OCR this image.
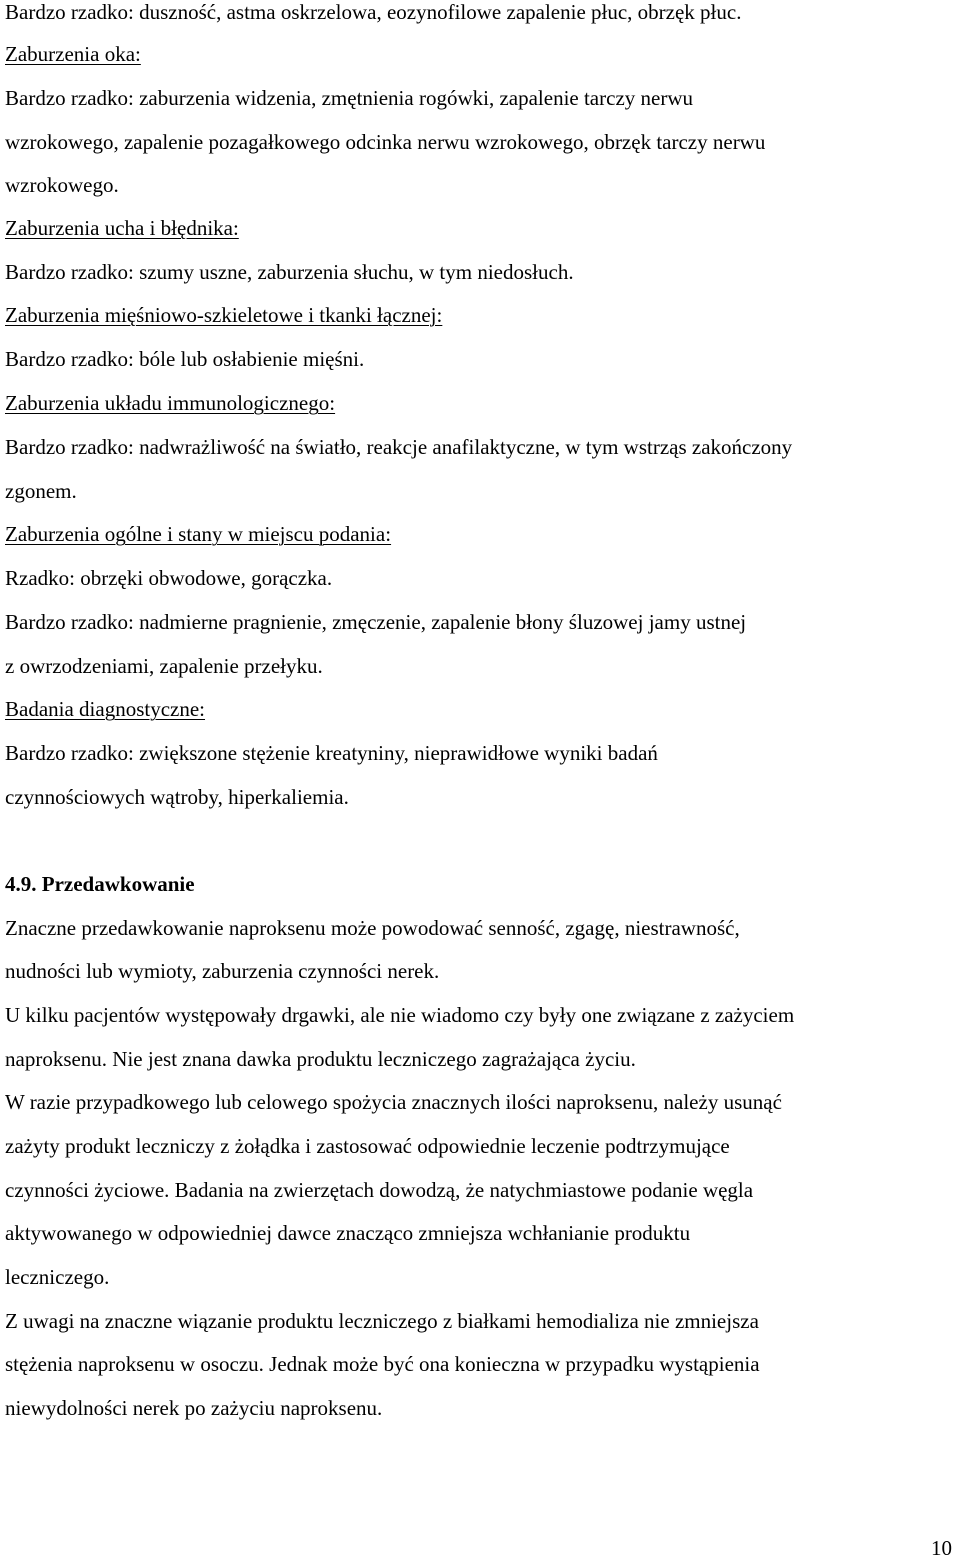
Bardzo rzadko: duszność, astma oskrzelowa, eozynofilowe zapalenie płuc, obrzęk płuc.
Zaburzenia oka:
Bardzo rzadko: zaburzenia widzenia, zmętnienia rogówki, zapalenie tarczy nerwu
wzrokowego, zapalenie pozagałkowego odcinka nerwu wzrokowego, obrzęk tarczy nerwu
wzrokowego.
Zaburzenia ucha i błędnika:
Bardzo rzadko: szumy uszne, zaburzenia słuchu, w tym niedosłuch.
Zaburzenia mięśniowo-szkieletowe i tkanki łącznej:
Bardzo rzadko: bóle lub osłabienie mięśni.
Zaburzenia układu immunologicznego:
Bardzo rzadko: nadwrażliwość na światło, reakcje anafilaktyczne, w tym wstrząs zakończony
zgonem.
Zaburzenia ogólne i stany w miejscu podania:
Rzadko: obrzęki obwodowe, gorączka.
Bardzo rzadko: nadmierne pragnienie, zmęczenie, zapalenie błony śluzowej jamy ustnej
z owrzodzeniami, zapalenie przełyku.
Badania diagnostyczne:
Bardzo rzadko: zwiększone stężenie kreatyniny, nieprawidłowe wyniki badań
czynnościowych wątroby, hiperkaliemia.
4.9. Przedawkowanie
Znaczne przedawkowanie naproksenu może powodować senność, zgagę, niestrawność,
nudności lub wymioty, zaburzenia czynności nerek.
U kilku pacjentów występowały drgawki, ale nie wiadomo czy były one związane z zażyciem
naproksenu. Nie jest znana dawka produktu leczniczego zagrażająca życiu.
W razie przypadkowego lub celowego spożycia znacznych ilości naproksenu, należy usunąć
zażyty produkt leczniczy z żołądka i zastosować odpowiednie leczenie podtrzymujące
czynności życiowe. Badania na zwierzętach dowodzą, że natychmiastowe podanie węgla
aktywowanego w odpowiedniej dawce znacząco zmniejsza wchłanianie produktu
leczniczego.
Z uwagi na znaczne wiązanie produktu leczniczego z białkami hemodializa nie zmniejsza
stężenia naproksenu w osoczu. Jednak może być ona konieczna w przypadku wystąpienia
niewydolności nerek po zażyciu naproksenu.
10
